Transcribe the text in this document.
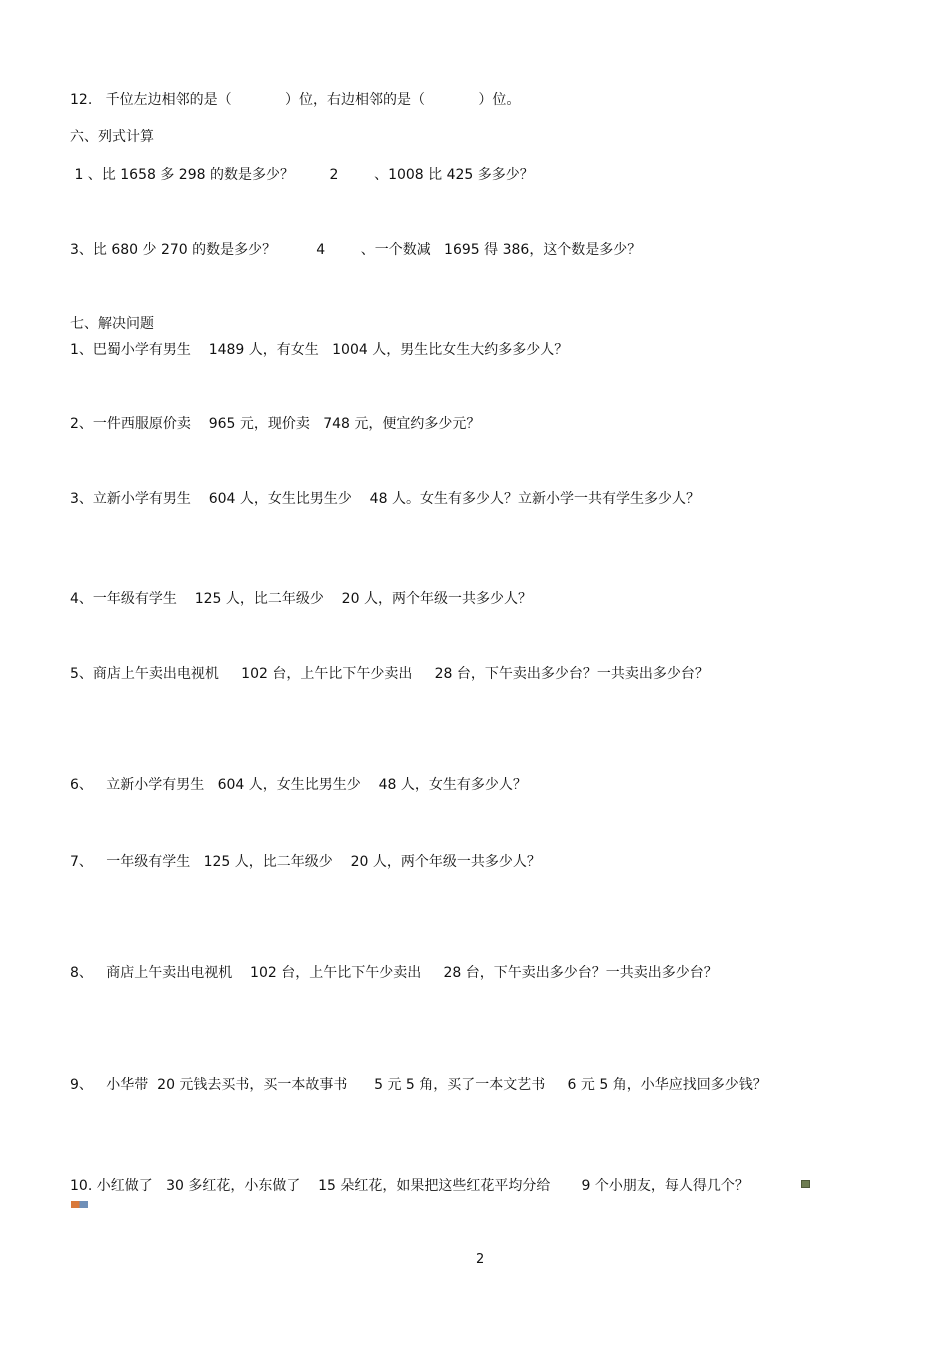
12.   千位左边相邻的是（            ）位，右边相邻的是（            ）位。
六、列式计算
1 、比 1658 多 298 的数是多少？        2        、1008 比 425 多多少？
3、比 680 少 270 的数是多少？         4        、一个数减   1695 得 386，这个数是多少？
七、解决问题
1、巴蜀小学有男生    1489 人，有女生   1004 人，男生比女生大约多多少人？
2、一件西服原价卖    965 元，现价卖   748 元，便宜约多少元？
3、立新小学有男生    604 人，女生比男生少    48 人。女生有多少人？立新小学一共有学生多少人？
4、一年级有学生    125 人，比二年级少    20 人，两个年级一共多少人？
5、商店上午卖出电视机     102 台，上午比下午少卖出     28 台，下午卖出多少台？一共卖出多少台？
6、   立新小学有男生   604 人，女生比男生少    48 人，女生有多少人？
7、   一年级有学生   125 人，比二年级少    20 人，两个年级一共多少人？
8、   商店上午卖出电视机    102 台，上午比下午少卖出     28 台，下午卖出多少台？一共卖出多少台？
9、   小华带  20 元钱去买书，买一本故事书      5 元 5 角，买了一本文艺书     6 元 5 角，小华应找回多少钱？
10. 小红做了   30 多红花，小东做了    15 朵红花，如果把这些红花平均分给       9 个小朋友，每人得几个？
2
